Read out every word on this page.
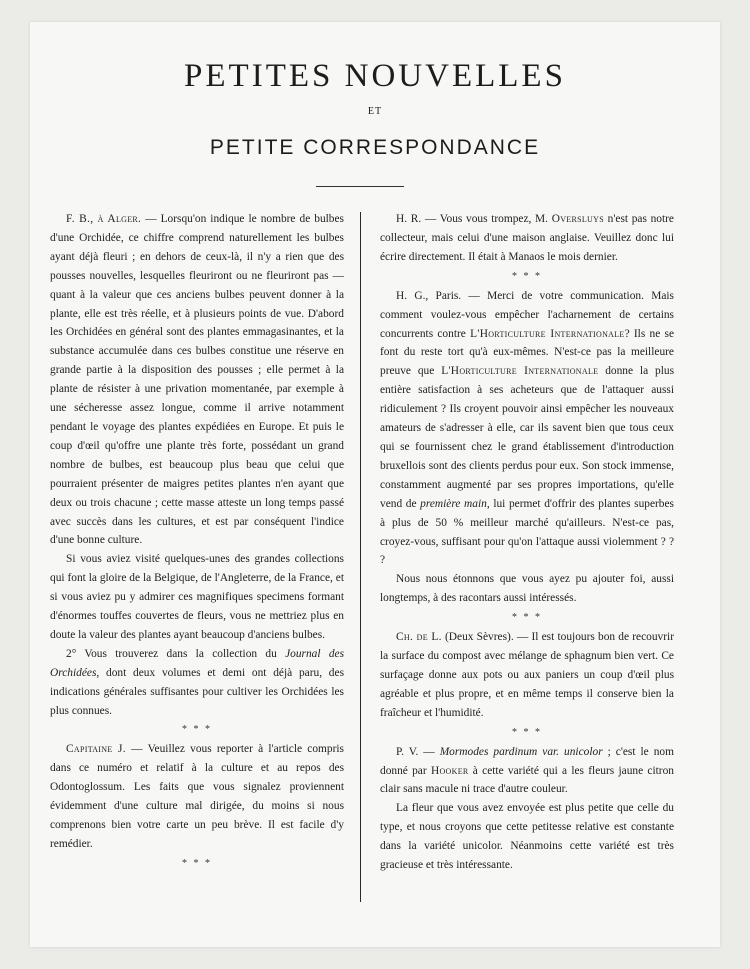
PETITES NOUVELLES
ET
PETITE CORRESPONDANCE

F. B., à Alger. — Lorsqu'on indique le nombre de bulbes d'une Orchidée, ce chiffre comprend naturellement les bulbes ayant déjà fleuri ; en dehors de ceux-là, il n'y a rien que des pousses nouvelles, lesquelles fleuriront ou ne fleuriront pas — quant à la valeur que ces anciens bulbes peuvent donner à la plante, elle est très réelle, et à plusieurs points de vue. D'abord les Orchidées en général sont des plantes emmagasinantes, et la substance accumulée dans ces bulbes constitue une réserve en grande partie à la disposition des pousses ; elle permet à la plante de résister à une privation momentanée, par exemple à une sécheresse assez longue, comme il arrive notamment pendant le voyage des plantes expédiées en Europe. Et puis le coup d'œil qu'offre une plante très forte, possédant un grand nombre de bulbes, est beaucoup plus beau que celui que pourraient présenter de maigres petites plantes n'en ayant que deux ou trois chacune ; cette masse atteste un long temps passé avec succès dans les cultures, et est par conséquent l'indice d'une bonne culture.

Si vous aviez visité quelques-unes des grandes collections qui font la gloire de la Belgique, de l'Angleterre, de la France, et si vous aviez pu y admirer ces magnifiques specimens formant d'énormes touffes couvertes de fleurs, vous ne mettriez plus en doute la valeur des plantes ayant beaucoup d'anciens bulbes.

2° Vous trouverez dans la collection du Journal des Orchidées, dont deux volumes et demi ont déjà paru, des indications générales suffisantes pour cultiver les Orchidées les plus connues.

* * *

Capitaine J. — Veuillez vous reporter à l'article compris dans ce numéro et relatif à la culture et au repos des Odontoglossum. Les faits que vous signalez proviennent évidemment d'une culture mal dirigée, du moins si nous comprenons bien votre carte un peu brève. Il est facile d'y remédier.

* * *

H. R. — Vous vous trompez, M. Oversluys n'est pas notre collecteur, mais celui d'une maison anglaise. Veuillez donc lui écrire directement. Il était à Manaos le mois dernier.

* * *

H. G., Paris. — Merci de votre communication. Mais comment voulez-vous empêcher l'acharnement de certains concurrents contre L'Horticulture Internationale? Ils ne se font du reste tort qu'à eux-mêmes. N'est-ce pas la meilleure preuve que L'Horticulture Internationale donne la plus entière satisfaction à ses acheteurs que de l'attaquer aussi ridiculement ? Ils croyent pouvoir ainsi empêcher les nouveaux amateurs de s'adresser à elle, car ils savent bien que tous ceux qui se fournissent chez le grand établissement d'introduction bruxellois sont des clients perdus pour eux. Son stock immense, constamment augmenté par ses propres importations, qu'elle vend de première main, lui permet d'offrir des plantes superbes à plus de 50 % meilleur marché qu'ailleurs. N'est-ce pas, croyez-vous, suffisant pour qu'on l'attaque aussi violemment ? ? ?

Nous nous étonnons que vous ayez pu ajouter foi, aussi longtemps, à des racontars aussi intéressés.

* * *

Ch. de L. (Deux Sèvres). — Il est toujours bon de recouvrir la surface du compost avec mélange de sphagnum bien vert. Ce surfaçage donne aux pots ou aux paniers un coup d'œil plus agréable et plus propre, et en même temps il conserve bien la fraîcheur et l'humidité.

* * *

P. V. — Mormodes pardinum var. unicolor ; c'est le nom donné par Hooker à cette variété qui a les fleurs jaune citron clair sans macule ni trace d'autre couleur.

La fleur que vous avez envoyée est plus petite que celle du type, et nous croyons que cette petitesse relative est constante dans la variété unicolor. Néanmoins cette variété est très gracieuse et très intéressante.
